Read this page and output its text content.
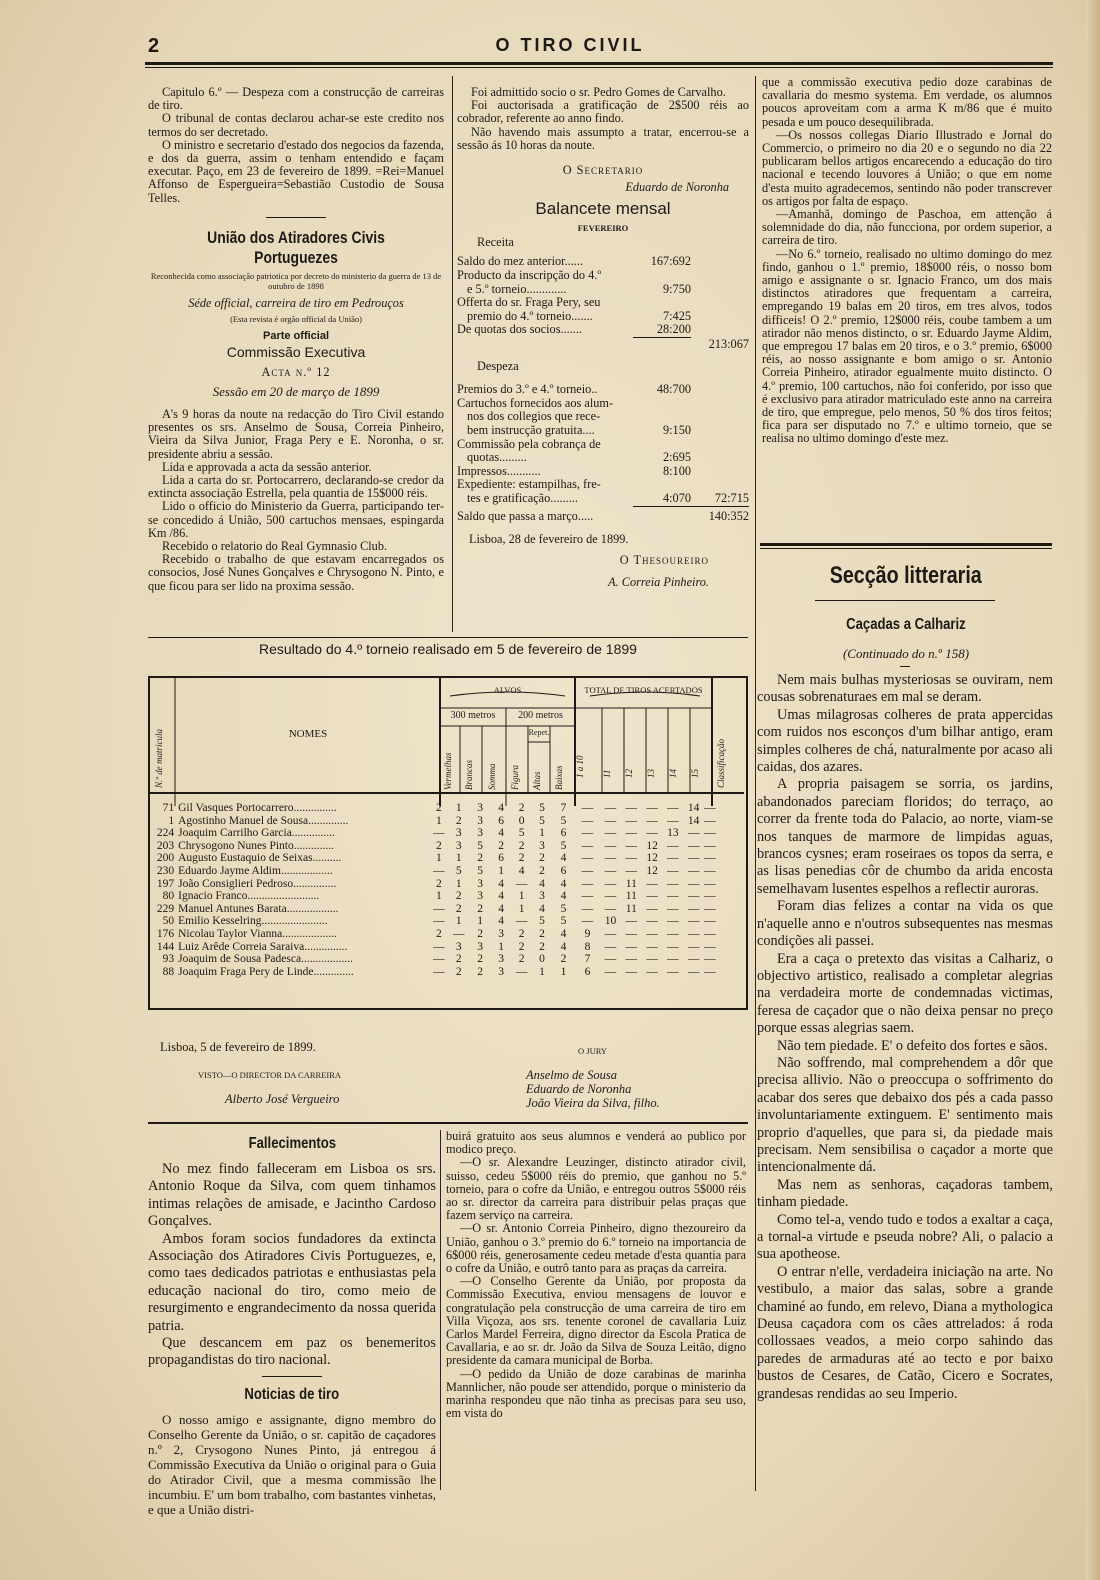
2	O TIRO CIVIL

Capitulo 6.º — Despeza com a construcção de carreiras de tiro.

O tribunal de contas declarou achar-se este credito nos termos do ser decretado.

O ministro e secretario d'estado dos negocios da fazenda, e dos da guerra, assim o tenham entendido e façam executar. Paço, em 23 de fevereiro de 1899. =Rei=Manuel Affonso de Espergueira=Sebastião Custodio de Sousa Telles.

União dos Atiradores Civis Portuguezes
Reconhecida como associação patriotica por decreto do ministerio da guerra de 13 de outubro de 1898
Séde official, carreira de tiro em Pedrouços
(Esta revista é orgão official da União)
Parte official
Commissão Executiva
Acta n.º 12
Sessão em 20 de março de 1899

A's 9 horas da noute na redacção do Tiro Civil estando presentes os srs. Anselmo de Sousa, Correia Pinheiro, Vieira da Silva Junior, Fraga Pery e E. Noronha, o sr. presidente abriu a sessão.

Lida e approvada a acta da sessão anterior.

Lida a carta do sr. Portocarrero, declarando-se credor da extincta associação Estrella, pela quantia de 15$000 réis.

Lido o officio do Ministerio da Guerra, participando ter-se concedido á União, 500 cartuchos mensaes, espingarda Km /86.

Recebido o relatorio do Real Gymnasio Club.

Recebido o trabalho de que estavam encarregados os consocios, José Nunes Gonçalves e Chrysogono N. Pinto, e que ficou para ser lido na proxima sessão.

Foi admittido socio o sr. Pedro Gomes de Carvalho.

Foi auctorisada a gratificação de 2$500 réis ao cobrador, referente ao anno findo.

Não havendo mais assumpto a tratar, encerrou-se a sessão ás 10 horas da noute.

O Secretario
Eduardo de Noronha
Balancete mensal
FEVEREIRO
Receita
Saldo do mez anterior......	167:692
Producto da inscripção do 4.º
e 5.º torneio.............	9:750
Offerta do sr. Fraga Pery, seu
premio do 4.º torneio.......	7:425
De quotas dos socios.......	28:200
213:067
Despeza
Premios do 3.º e 4.º torneio..	48:700
Cartuchos fornecidos aos alum-
nos dos collegios que rece-
bem instrucção gratuita....	9:150
Commissão pela cobrança de
quotas.........	2:695
Impressos...........	8:100
Expediente: estampilhas, fre-
tes e gratificação.........	4:070	72:715
Saldo que passa a março.....	140:352
Lisboa, 28 de fevereiro de 1899.
O Thesoureiro
A. Correia Pinheiro.

que a commissão executiva pedio doze carabinas de cavallaria do mesmo systema. Em verdade, os alumnos poucos aproveitam com a arma K m/86 que é muito pesada e um pouco desequilibrada.

—Os nossos collegas Diario Illustrado e Jornal do Commercio, o primeiro no dia 20 e o segundo no dia 22 publicaram bellos artigos encarecendo a educação do tiro nacional e tecendo louvores á União; o que em nome d'esta muito agradecemos, sentindo não poder transcrever os artigos por falta de espaço.

—Amanhã, domingo de Paschoa, em attenção á solemnidade do dia, não funcciona, por ordem superior, a carreira de tiro.

—No 6.º torneio, realisado no ultimo domingo do mez findo, ganhou o 1.º premio, 18$000 réis, o nosso bom amigo e assignante o sr. Ignacio Franco, um dos mais distinctos atiradores que frequentam a carreira, empregando 19 balas em 20 tiros, em tres alvos, todos difficeis! O 2.º premio, 12$000 réis, coube tambem a um atirador não menos distincto, o sr. Eduardo Jayme Aldim, que empregou 17 balas em 20 tiros, e o 3.º premio, 6$000 réis, ao nosso assignante e bom amigo o sr. Antonio Correia Pinheiro, atirador egualmente muito distincto. O 4.º premio, 100 cartuchos, não foi conferido, por isso que é exclusivo para atirador matriculado este anno na carreira de tiro, que empregue, pelo menos, 50 % dos tiros feitos; fica para ser disputado no 7.º e ultimo torneio, que se realisa no ultimo domingo d'este mez.

Secção litteraria
Caçadas a Calhariz
(Continuado do n.º 158)

Nem mais bulhas mysteriosas se ouviram, nem cousas sobrenaturaes em mal se deram.

Umas milagrosas colheres de prata appercidas com ruidos nos esconços d'um bilhar antigo, eram simples colheres de chá, naturalmente por acaso ali caidas, dos azares.

A propria paisagem se sorria, os jardins, abandonados pareciam floridos; do terraço, ao correr da frente toda do Palacio, ao norte, viam-se nos tanques de marmore de limpidas aguas, brancos cysnes; eram roseiraes os topos da serra, e as lisas penedias côr de chumbo da arida encosta semelhavam lusentes espelhos a reflectir auroras.

Foram dias felizes a contar na vida os que n'aquelle anno e n'outros subsequentes nas mesmas condições ali passei.

Era a caça o pretexto das visitas a Calhariz, o objectivo artistico, realisado a completar alegrias na verdadeira morte de condemnadas victimas, feresa de caçador que o não deixa pensar no preço porque essas alegrias saem.

Não tem piedade. E' o defeito dos fortes e sãos.

Não soffrendo, mal comprehendem a dôr que precisa allivio. Não o preoccupa o soffrimento do acabar dos seres que debaixo dos pés a cada passo involuntariamente extinguem. E' sentimento mais proprio d'aquelles, que para si, da piedade mais precisam. Nem sensibilisa o caçador a morte que intencionalmente dá.

Mas nem as senhoras, caçadoras tambem, tinham piedade.

Como tel-a, vendo tudo e todos a exaltar a caça, a tornal-a virtude e pseuda nobre? Ali, o palacio a sua apotheose.

O entrar n'elle, verdadeira iniciação na arte. No vestibulo, a maior das salas, sobre a grande chaminé ao fundo, em relevo, Diana a mythologica Deusa caçadora com os cães attrelados: á roda collossaes veados, a meio corpo sahindo das paredes de armaduras até ao tecto e por baixo bustos de Cesares, de Catão, Cicero e Socrates, grandesas rendidas ao seu Imperio.

Resultado do 4.º torneio realisado em 5 de fevereiro de 1899
N.º de matricula	NOMES
ALVOS	TOTAL DE TIROS ACERTADOS
300 metros	200 metros
Repet.
Vermelhas	Brancas	Somma	Figura	Altas	Baixas	Classificação
1 a 10	11	12	13	14	15
71	Gil Vasques Portocarrero...............	2	1	3	4	2	5	7	—	—	—	—	—	14	—
1	Agostinho Manuel de Sousa..............	1	2	3	6	0	5	5	—	—	—	—	—	14	—
224	Joaquim Carrilho Garcia...............	—	3	3	4	5	1	6	—	—	—	—	13	—	—
203	Chrysogono Nunes Pinto..............	2	3	5	2	2	3	5	—	—	—	12	—	—	—
200	Augusto Eustaquio de Seixas..........	1	1	2	6	2	2	4	—	—	—	12	—	—	—
230	Eduardo Jayme Aldim..................	—	5	5	1	4	2	6	—	—	—	12	—	—	—
197	João Consiglieri Pedroso...............	2	1	3	4	—	4	4	—	—	11	—	—	—	—
80	Ignacio Franco.........................	1	2	3	4	1	3	4	—	—	11	—	—	—	—
229	Manuel Antunes Barata..................	—	2	2	4	1	4	5	—	—	11	—	—	—	—
50	Emilio Kesselring.......................	—	1	1	4	—	5	5	—	10	—	—	—	—	—
176	Nicolau Taylor Vianna...................	2	—	2	3	2	2	4	9	—	—	—	—	—	—
144	Luiz Arêde Correia Saraiva...............	—	3	3	1	2	2	4	8	—	—	—	—	—	—
93	Joaquim de Sousa Padesca..................	—	2	2	3	2	0	2	7	—	—	—	—	—	—
88	Joaquim Fraga Pery de Linde..............	—	2	2	3	—	1	1	6	—	—	—	—	—	—
Lisboa, 5 de fevereiro de 1899.
VISTO—O DIRECTOR DA CARREIRA
Alberto José Vergueiro
O JURY
Anselmo de Sousa
Eduardo de Noronha
João Vieira da Silva, filho.
Fallecimentos

No mez findo falleceram em Lisboa os srs. Antonio Roque da Silva, com quem tinhamos intimas relações de amisade, e Jacintho Cardoso Gonçalves.

Ambos foram socios fundadores da extincta Associação dos Atiradores Civis Portuguezes, e, como taes dedicados patriotas e enthusiastas pela educação nacional do tiro, como meio de resurgimento e engrandecimento da nossa querida patria.

Que descancem em paz os benemeritos propagandistas do tiro nacional.

Noticias de tiro

O nosso amigo e assignante, digno membro do Conselho Gerente da União, o sr. capitão de caçadores n.º 2, Crysogono Nunes Pinto, já entregou á Commissão Executiva da União o original para o Guia do Atirador Civil, que a mesma commissão lhe incumbiu. E' um bom trabalho, com bastantes vinhetas, e que a União distri-

buirá gratuito aos seus alumnos e venderá ao publico por modico preço.

—O sr. Alexandre Leuzinger, distincto atirador civil, suisso, cedeu 5$000 réis do premio, que ganhou no 5.º torneio, para o cofre da União, e entregou outros 5$000 réis ao sr. director da carreira para distribuir pelas praças que fazem serviço na carreira.

—O sr. Antonio Correia Pinheiro, digno thezoureiro da União, ganhou o 3.º premio do 6.º torneio na importancia de 6$000 réis, generosamente cedeu metade d'esta quantia para o cofre da União, e outrô tanto para as praças da carreira.

—O Conselho Gerente da União, por proposta da Commissão Executiva, enviou mensagens de louvor e congratulação pela construcção de uma carreira de tiro em Villa Viçoza, aos srs. tenente coronel de cavallaria Luiz Carlos Mardel Ferreira, digno director da Escola Pratica de Cavallaria, e ao sr. dr. João da Silva de Souza Leitão, digno presidente da camara municipal de Borba.

—O pedido da União de doze carabinas de marinha Mannlicher, não poude ser attendido, porque o ministerio da marinha respondeu que não tinha as precisas para seu uso, em vista do
